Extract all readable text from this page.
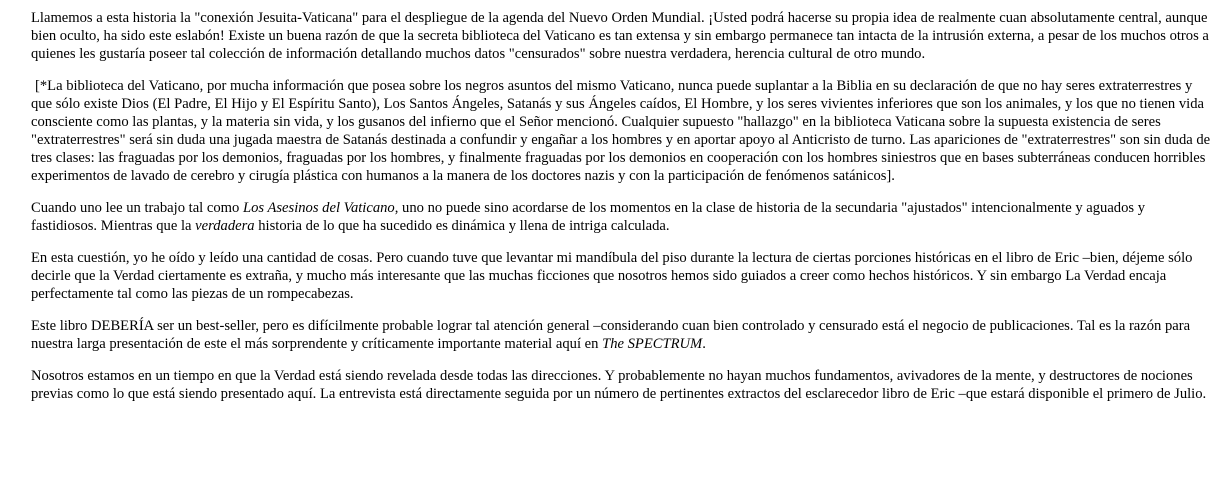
Llamemos a esta historia la "conexión Jesuita-Vaticana" para el despliegue de la agenda del Nuevo Orden Mundial. ¡Usted podrá hacerse su propia idea de realmente cuan absolutamente central, aunque bien oculto, ha sido este eslabón! Existe un buena razón de que la secreta biblioteca del Vaticano es tan extensa y sin embargo permanece tan intacta de la intrusión externa, a pesar de los muchos otros a quienes les gustaría poseer tal colección de información detallando muchos datos "censurados" sobre nuestra verdadera, herencia cultural de otro mundo.

[*La biblioteca del Vaticano, por mucha información que posea sobre los negros asuntos del mismo Vaticano, nunca puede suplantar a la Biblia en su declaración de que no hay seres extraterrestres y que sólo existe Dios (El Padre, El Hijo y El Espíritu Santo), Los Santos Ángeles, Satanás y sus Ángeles caídos, El Hombre, y los seres vivientes inferiores que son los animales, y los que no tienen vida consciente como las plantas, y la materia sin vida, y los gusanos del infierno que el Señor mencionó. Cualquier supuesto "hallazgo" en la biblioteca Vaticana sobre la supuesta existencia de seres "extraterrestres" será sin duda una jugada maestra de Satanás destinada a confundir y engañar a los hombres y en aportar apoyo al Anticristo de turno. Las apariciones de "extraterrestres" son sin duda de tres clases: las fraguadas por los demonios, fraguadas por los hombres, y finalmente fraguadas por los demonios en cooperación con los hombres siniestros que en bases subterráneas conducen horribles experimentos de lavado de cerebro y cirugía plástica con humanos a la manera de los doctores nazis y con la participación de fenómenos satánicos].

Cuando uno lee un trabajo tal como Los Asesinos del Vaticano, uno no puede sino acordarse de los momentos en la clase de historia de la secundaria "ajustados" intencionalmente y aguados y fastidiosos. Mientras que la verdadera historia de lo que ha sucedido es dinámica y llena de intriga calculada.

En esta cuestión, yo he oído y leído una cantidad de cosas. Pero cuando tuve que levantar mi mandíbula del piso durante la lectura de ciertas porciones históricas en el libro de Eric –bien, déjeme sólo decirle que la Verdad ciertamente es extraña, y mucho más interesante que las muchas ficciones que nosotros hemos sido guiados a creer como hechos históricos. Y sin embargo La Verdad encaja perfectamente tal como las piezas de un rompecabezas.

Este libro DEBERÍA ser un best-seller, pero es difícilmente probable lograr tal atención general –considerando cuan bien controlado y censurado está el negocio de publicaciones. Tal es la razón para nuestra larga presentación de este el más sorprendente y críticamente importante material aquí en The SPECTRUM.

Nosotros estamos en un tiempo en que la Verdad está siendo revelada desde todas las direcciones. Y probablemente no hayan muchos fundamentos, avivadores de la mente, y destructores de nociones previas como lo que está siendo presentado aquí. La entrevista está directamente seguida por un número de pertinentes extractos del esclarecedor libro de Eric –que estará disponible el primero de Julio.
